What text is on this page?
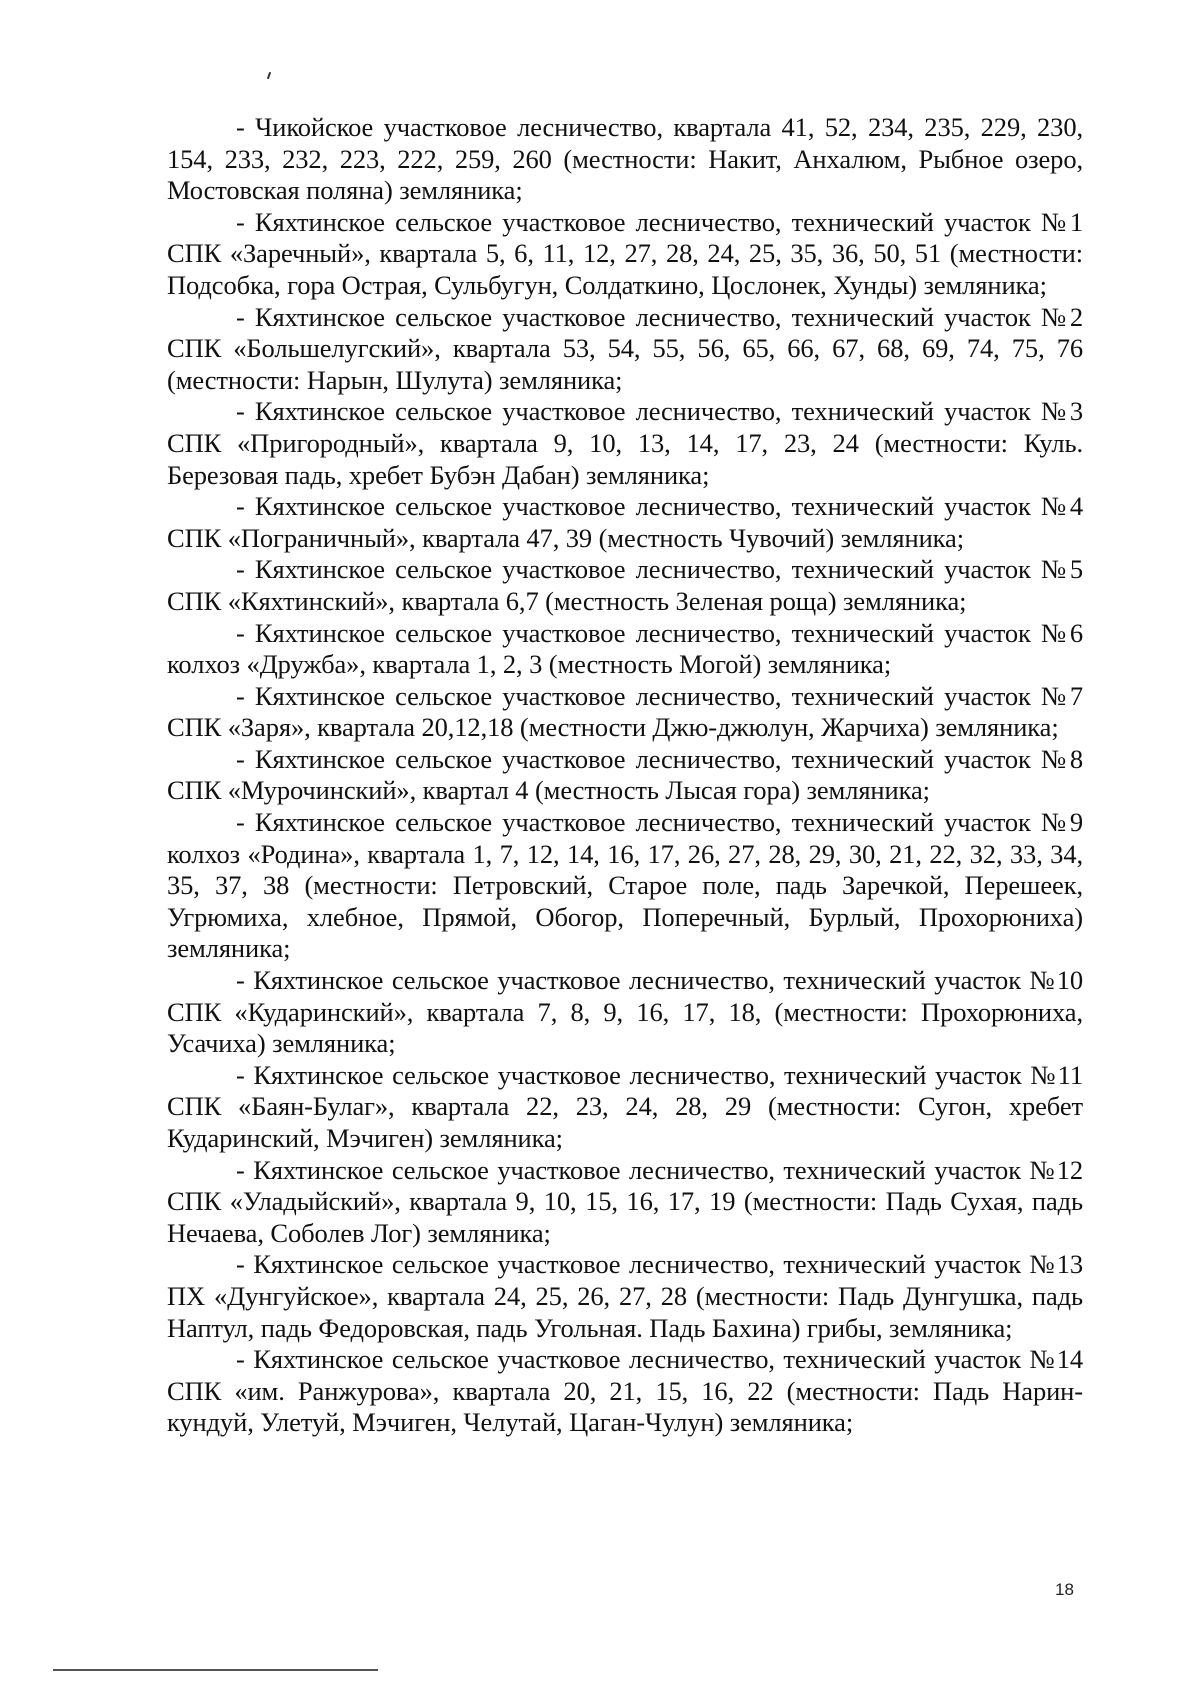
- Чикойское участковое лесничество, квартала 41, 52, 234, 235, 229, 230, 154, 233, 232, 223, 222, 259, 260 (местности: Накит, Анхалюм, Рыбное озеро, Мостовская поляна) земляника;

- Кяхтинское сельское участковое лесничество, технический участок №1 СПК «Заречный», квартала 5, 6, 11, 12, 27, 28, 24, 25, 35, 36, 50, 51 (местности: Подсобка, гора Острая, Сульбугун, Солдаткино, Цослонек, Хунды) земляника;

- Кяхтинское сельское участковое лесничество, технический участок №2 СПК «Большелугский», квартала 53, 54, 55, 56, 65, 66, 67, 68, 69, 74, 75, 76 (местности: Нарын, Шулута) земляника;

- Кяхтинское сельское участковое лесничество, технический участок №3 СПК «Пригородный», квартала 9, 10, 13, 14, 17, 23, 24 (местности: Куль. Березовая падь, хребет Бубэн Дабан) земляника;

- Кяхтинское сельское участковое лесничество, технический участок №4 СПК «Пограничный», квартала 47, 39 (местность Чувочий) земляника;

- Кяхтинское сельское участковое лесничество, технический участок №5 СПК «Кяхтинский», квартала 6,7 (местность Зеленая роща) земляника;

- Кяхтинское сельское участковое лесничество, технический участок №6 колхоз «Дружба», квартала 1, 2, 3 (местность Могой) земляника;

- Кяхтинское сельское участковое лесничество, технический участок №7 СПК «Заря», квартала 20,12,18 (местности Джю-джюлун, Жарчиха) земляника;

- Кяхтинское сельское участковое лесничество, технический участок №8 СПК «Мурочинский», квартал 4 (местность Лысая гора) земляника;

- Кяхтинское сельское участковое лесничество, технический участок №9 колхоз «Родина», квартала 1, 7, 12, 14, 16, 17, 26, 27, 28, 29, 30, 21, 22, 32, 33, 34, 35, 37, 38 (местности: Петровский, Старое поле, падь Заречкой, Перешеек, Угрюмиха, хлебное, Прямой, Обогор, Поперечный, Бурлый, Прохорюниха) земляника;

- Кяхтинское сельское участковое лесничество, технический участок №10 СПК «Кударинский», квартала 7, 8, 9, 16, 17, 18, (местности: Прохорюниха, Усачиха) земляника;

- Кяхтинское сельское участковое лесничество, технический участок №11 СПК «Баян-Булаг», квартала 22, 23, 24, 28, 29 (местности: Сугон, хребет Кударинский, Мэчиген) земляника;

- Кяхтинское сельское участковое лесничество, технический участок №12 СПК «Уладыйский», квартала 9, 10, 15, 16, 17, 19 (местности: Падь Сухая, падь Нечаева, Соболев Лог) земляника;

- Кяхтинское сельское участковое лесничество, технический участок №13 ПХ «Дунгуйское», квартала 24, 25, 26, 27, 28 (местности: Падь Дунгушка, падь Наптул, падь Федоровская, падь Угольная. Падь Бахина) грибы, земляника;

- Кяхтинское сельское участковое лесничество, технический участок №14 СПК «им. Ранжурова», квартала 20, 21, 15, 16, 22 (местности: Падь Нарин-кундуй, Улетуй, Мэчиген, Челутай, Цаган-Чулун) земляника;

18
